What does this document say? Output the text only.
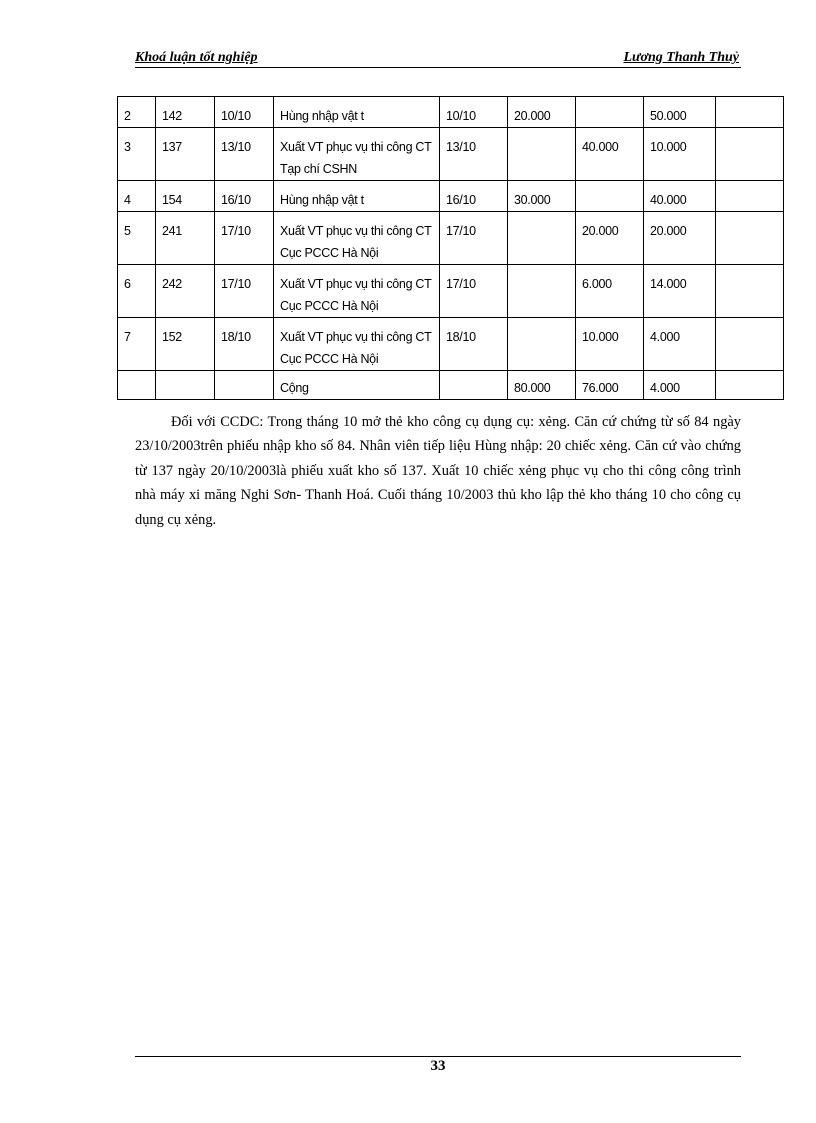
Khoá luận tốt nghiệp	Lương Thanh Thuỷ
2	142	10/10	Hùng nhập vật t	10/10	20.000		50.000	
3	137	13/10	Xuất VT phục vụ thi công CT Tạp chí CSHN	13/10		40.000	10.000	
4	154	16/10	Hùng nhập vật t	16/10	30.000		40.000	
5	241	17/10	Xuất VT phục vụ thi công CT Cục PCCC Hà Nội	17/10		20.000	20.000	
6	242	17/10	Xuất VT phục vụ thi công CT Cục PCCC Hà Nội	17/10		6.000	14.000	
7	152	18/10	Xuất VT phục vụ thi công CT Cục PCCC Hà Nội	18/10		10.000	4.000	
			Cộng		80.000	76.000	4.000	
Đối với CCDC: Trong tháng 10 mở thẻ kho công cụ dụng cụ: xẻng. Căn cứ chứng từ số 84 ngày 23/10/2003trên phiếu nhập kho số 84. Nhân viên tiếp liệu Hùng nhập: 20 chiếc xẻng. Căn cứ vào chứng từ 137 ngày 20/10/2003là phiếu xuất kho số 137. Xuất 10 chiếc xẻng phục vụ cho thi công công trình nhà máy xi măng Nghi Sơn- Thanh Hoá. Cuối tháng 10/2003 thủ kho lập thẻ kho tháng 10 cho công cụ dụng cụ xẻng.
33
